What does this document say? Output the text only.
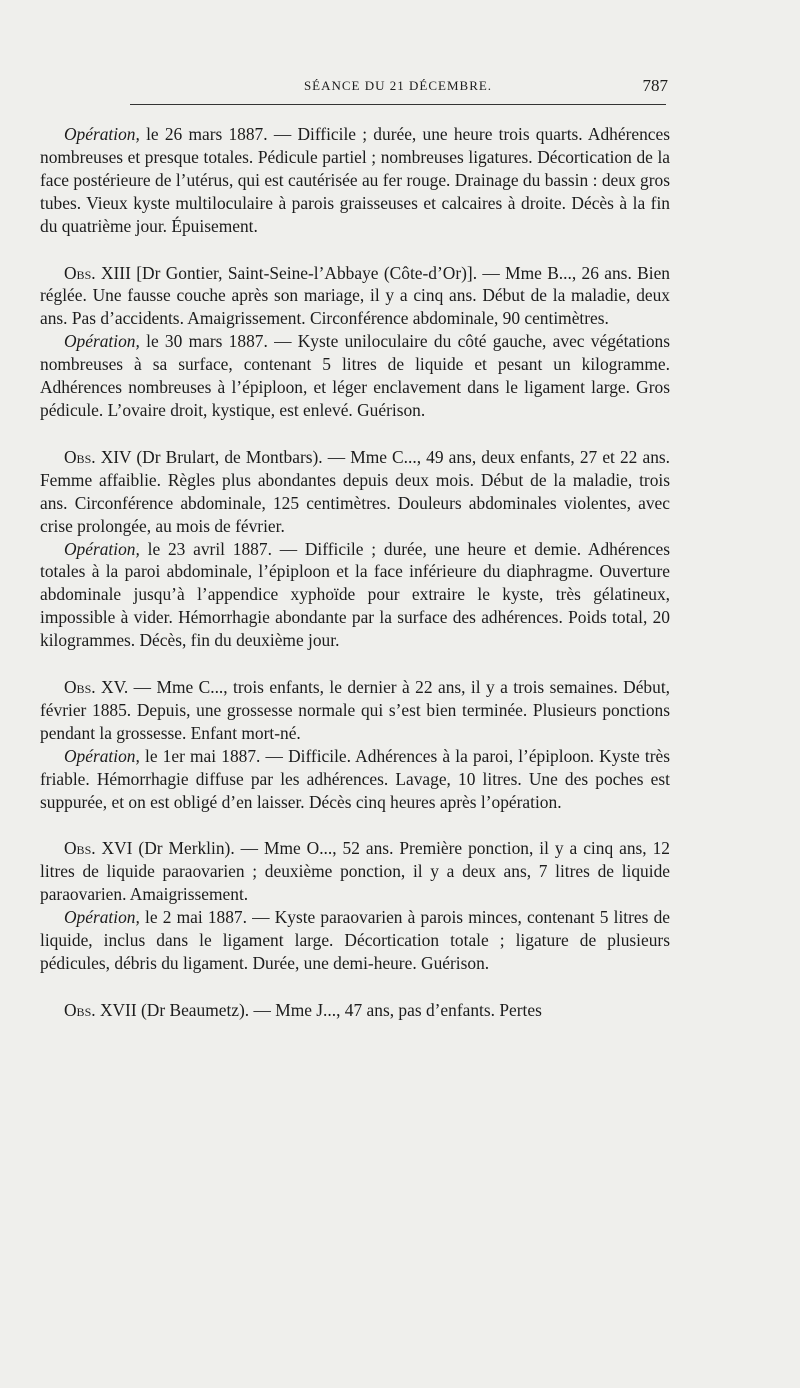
SÉANCE DU 21 DÉCEMBRE.	787

Opération, le 26 mars 1887. — Difficile ; durée, une heure trois quarts. Adhérences nombreuses et presque totales. Pédicule partiel ; nombreuses ligatures. Décortication de la face postérieure de l’utérus, qui est cautérisée au fer rouge. Drainage du bassin : deux gros tubes. Vieux kyste multiloculaire à parois graisseuses et calcaires à droite. Décès à la fin du quatrième jour. Épuisement.

Obs. XIII [Dr Gontier, Saint-Seine-l’Abbaye (Côte-d’Or)]. — Mme B..., 26 ans. Bien réglée. Une fausse couche après son mariage, il y a cinq ans. Début de la maladie, deux ans. Pas d’accidents. Amaigrissement. Circonférence abdominale, 90 centimètres.

Opération, le 30 mars 1887. — Kyste uniloculaire du côté gauche, avec végétations nombreuses à sa surface, contenant 5 litres de liquide et pesant un kilogramme. Adhérences nombreuses à l’épiploon, et léger enclavement dans le ligament large. Gros pédicule. L’ovaire droit, kystique, est enlevé. Guérison.

Obs. XIV (Dr Brulart, de Montbars). — Mme C..., 49 ans, deux enfants, 27 et 22 ans. Femme affaiblie. Règles plus abondantes depuis deux mois. Début de la maladie, trois ans. Circonférence abdominale, 125 centimètres. Douleurs abdominales violentes, avec crise prolongée, au mois de février.

Opération, le 23 avril 1887. — Difficile ; durée, une heure et demie. Adhérences totales à la paroi abdominale, l’épiploon et la face inférieure du diaphragme. Ouverture abdominale jusqu’à l’appendice xyphoïde pour extraire le kyste, très gélatineux, impossible à vider. Hémorrhagie abondante par la surface des adhérences. Poids total, 20 kilogrammes. Décès, fin du deuxième jour.

Obs. XV. — Mme C..., trois enfants, le dernier à 22 ans, il y a trois semaines. Début, février 1885. Depuis, une grossesse normale qui s’est bien terminée. Plusieurs ponctions pendant la grossesse. Enfant mort-né.

Opération, le 1er mai 1887. — Difficile. Adhérences à la paroi, l’épiploon. Kyste très friable. Hémorrhagie diffuse par les adhérences. Lavage, 10 litres. Une des poches est suppurée, et on est obligé d’en laisser. Décès cinq heures après l’opération.

Obs. XVI (Dr Merklin). — Mme O..., 52 ans. Première ponction, il y a cinq ans, 12 litres de liquide paraovarien ; deuxième ponction, il y a deux ans, 7 litres de liquide paraovarien. Amaigrissement.

Opération, le 2 mai 1887. — Kyste paraovarien à parois minces, contenant 5 litres de liquide, inclus dans le ligament large. Décortication totale ; ligature de plusieurs pédicules, débris du ligament. Durée, une demi-heure. Guérison.

Obs. XVII (Dr Beaumetz). — Mme J..., 47 ans, pas d’enfants. Pertes
